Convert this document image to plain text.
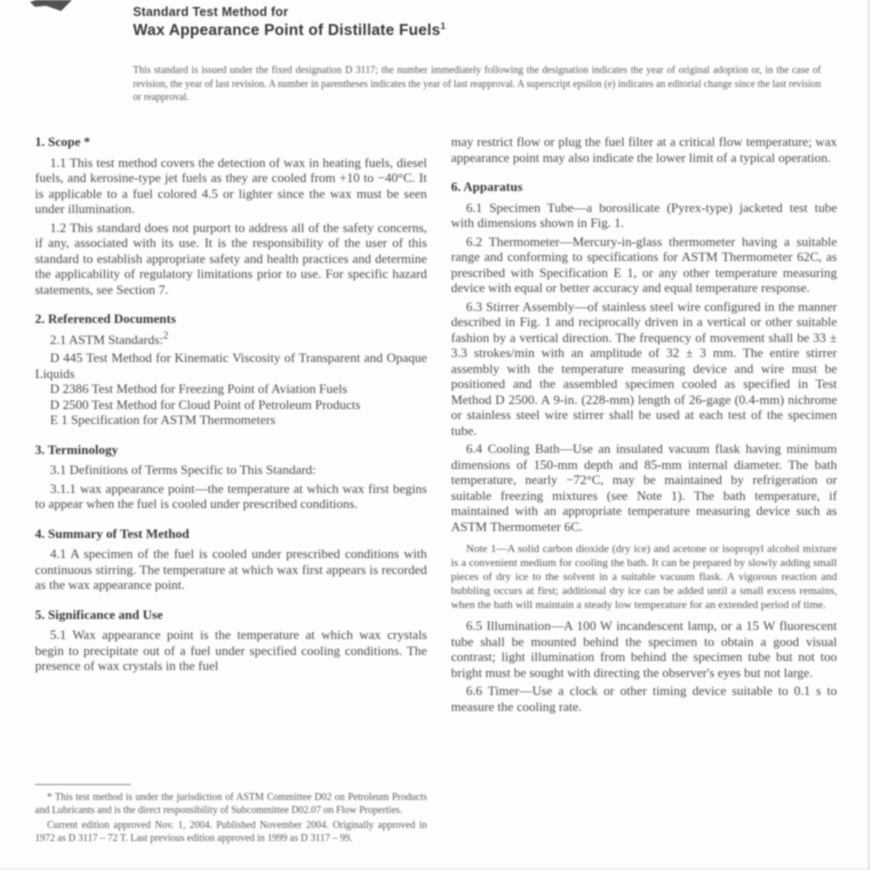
Standard Test Method for
Wax Appearance Point of Distillate Fuels$^1$
This standard is issued under the fixed designation D 3117; the number immediately following the designation indicates the year of original adoption or, in the case of revision, the year of last revision. A number in parentheses indicates the year of last reapproval. A superscript epsilon (e) indicates an editorial change since the last revision or reapproval.
1. Scope *

1.1 This test method covers the detection of wax in heating fuels, diesel fuels, and kerosine-type jet fuels as they are cooled from +10 to −40°C. It is applicable to a fuel colored 4.5 or lighter since the wax must be seen under illumination.

1.2 This standard does not purport to address all of the safety concerns, if any, associated with its use. It is the responsibility of the user of this standard to establish appropriate safety and health practices and determine the applicability of regulatory limitations prior to use. For specific hazard statements, see Section 7.

2. Referenced Documents

2.1 ASTM Standards:$^2$

D 445 Test Method for Kinematic Viscosity of Transparent and Opaque Liquids

D 2386 Test Method for Freezing Point of Aviation Fuels

D 2500 Test Method for Cloud Point of Petroleum Products

E 1 Specification for ASTM Thermometers

3. Terminology

3.1 Definitions of Terms Specific to This Standard:

3.1.1 wax appearance point—the temperature at which wax first begins to appear when the fuel is cooled under prescribed conditions.

4. Summary of Test Method

4.1 A specimen of the fuel is cooled under prescribed conditions with continuous stirring. The temperature at which wax first appears is recorded as the wax appearance point.

5. Significance and Use

5.1 Wax appearance point is the temperature at which wax crystals begin to precipitate out of a fuel under specified cooling conditions. The presence of wax crystals in the fuel

may restrict flow or plug the fuel filter at a critical flow temperature; wax appearance point may also indicate the lower limit of a typical operation.

6. Apparatus

6.1 Specimen Tube—a borosilicate (Pyrex-type) jacketed test tube with dimensions shown in Fig. 1.

6.2 Thermometer—Mercury-in-glass thermometer having a suitable range and conforming to specifications for ASTM Thermometer 62C, as prescribed with Specification E 1, or any other temperature measuring device with equal or better accuracy and equal temperature response.

6.3 Stirrer Assembly—of stainless steel wire configured in the manner described in Fig. 1 and reciprocally driven in a vertical or other suitable fashion by a vertical direction. The frequency of movement shall be 33 ± 3.3 strokes/min with an amplitude of 32 ± 3 mm. The entire stirrer assembly with the temperature measuring device and wire must be positioned and the assembled specimen cooled as specified in Test Method D 2500. A 9-in. (228-mm) length of 26-gage (0.4-mm) nichrome or stainless steel wire stirrer shall be used at each test of the specimen tube.

6.4 Cooling Bath—Use an insulated vacuum flask having minimum dimensions of 150-mm depth and 85-mm internal diameter. The bath temperature, nearly −72°C, may be maintained by refrigeration or suitable freezing mixtures (see Note 1). The bath temperature, if maintained with an appropriate temperature measuring device such as ASTM Thermometer 6C.

Note 1—A solid carbon dioxide (dry ice) and acetone or isopropyl alcohol mixture is a convenient medium for cooling the bath. It can be prepared by slowly adding small pieces of dry ice to the solvent in a suitable vacuum flask. A vigorous reaction and bubbling occurs at first; additional dry ice can be added until a small excess remains, when the bath will maintain a steady low temperature for an extended period of time.

6.5 Illumination—A 100 W incandescent lamp, or a 15 W fluorescent tube shall be mounted behind the specimen to obtain a good visual contrast; light illumination from behind the specimen tube but not too bright must be sought with directing the observer's eyes but not large.

6.6 Timer—Use a clock or other timing device suitable to 0.1 s to measure the cooling rate.

* This test method is under the jurisdiction of ASTM Committee D02 on Petroleum Products and Lubricants and is the direct responsibility of Subcommittee D02.07 on Flow Properties.

Current edition approved Nov. 1, 2004. Published November 2004. Originally approved in 1972 as D 3117 – 72 T. Last previous edition approved in 1999 as D 3117 – 99.
